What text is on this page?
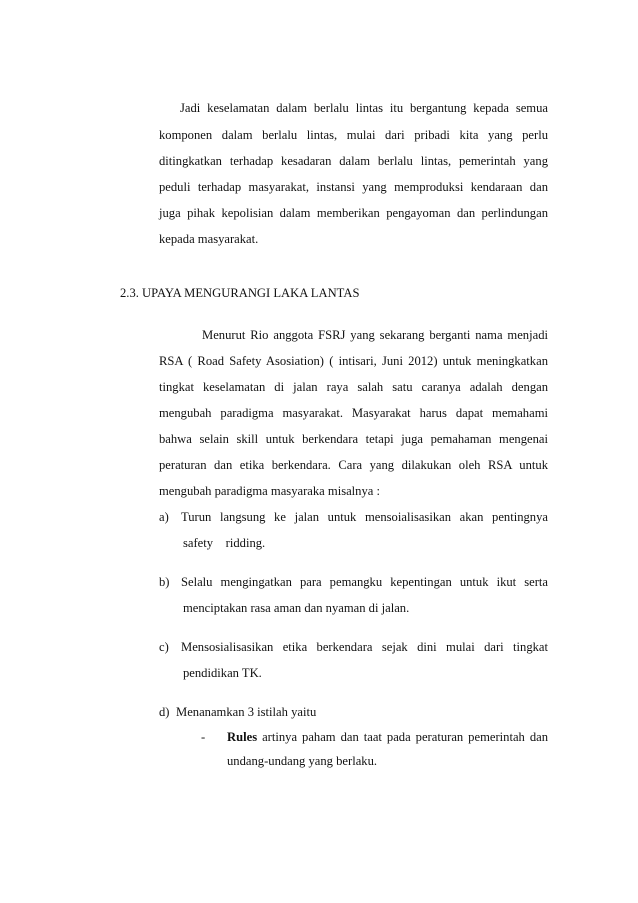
Jadi keselamatan dalam berlalu lintas itu bergantung kepada semua
komponen dalam berlalu lintas, mulai dari pribadi kita yang perlu
ditingkatkan terhadap kesadaran dalam berlalu lintas, pemerintah yang
peduli terhadap masyarakat, instansi yang memproduksi kendaraan dan
juga pihak kepolisian dalam memberikan pengayoman dan perlindungan
kepada masyarakat.
2.3. UPAYA MENGURANGI LAKA LANTAS
Menurut Rio anggota FSRJ yang sekarang berganti nama menjadi
RSA ( Road Safety Asosiation) ( intisari, Juni 2012) untuk meningkatkan
tingkat keselamatan di jalan raya salah satu caranya adalah dengan
mengubah paradigma masyarakat. Masyarakat harus dapat memahami
bahwa selain skill untuk berkendara tetapi juga pemahaman mengenai
peraturan dan etika berkendara. Cara yang dilakukan oleh RSA untuk
mengubah paradigma masyaraka misalnya :
a) Turun langsung ke jalan untuk mensoialisasikan akan pentingnya
safety    ridding.
b) Selalu mengingatkan para pemangku kepentingan untuk ikut serta
menciptakan rasa aman dan nyaman di jalan.
c) Mensosialisasikan etika berkendara sejak dini mulai dari tingkat
pendidikan TK.
d) Menanamkan 3 istilah yaitu
- Rules artinya paham dan taat pada peraturan pemerintah dan
undang-undang yang berlaku.
